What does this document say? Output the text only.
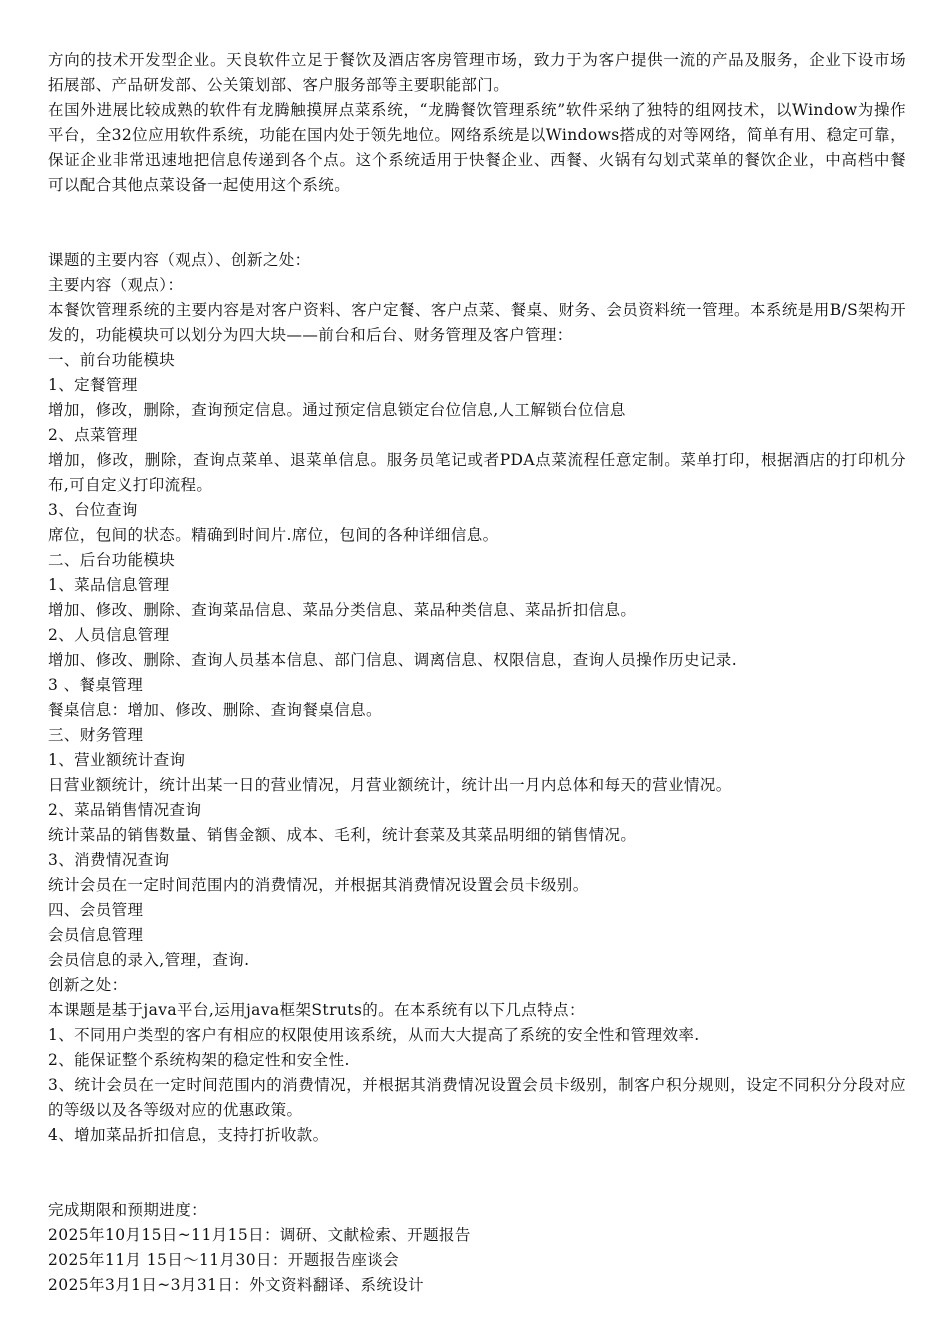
方向的技术开发型企业。天良软件立足于餐饮及酒店客房管理市场，致力于为客户提供一流的产品及服务，企业下设市场拓展部、产品研发部、公关策划部、客户服务部等主要职能部门。

在国外进展比较成熟的软件有龙腾触摸屏点菜系统，“龙腾餐饮管理系统”软件采纳了独特的组网技术，以Window为操作平台，全32位应用软件系统，功能在国内处于领先地位。网络系统是以Windows搭成的对等网络，简单有用、稳定可靠，保证企业非常迅速地把信息传递到各个点。这个系统适用于快餐企业、西餐、火锅有勾划式菜单的餐饮企业，中高档中餐可以配合其他点菜设备一起使用这个系统。

课题的主要内容（观点）、创新之处：

主要内容（观点）：

本餐饮管理系统的主要内容是对客户资料、客户定餐、客户点菜、餐桌、财务、会员资料统一管理。本系统是用B/S架构开发的，功能模块可以划分为四大块——前台和后台、财务管理及客户管理：

一、前台功能模块

1、定餐管理

增加，修改，删除，查询预定信息。通过预定信息锁定台位信息,人工解锁台位信息

2、点菜管理

增加，修改，删除，查询点菜单、退菜单信息。服务员笔记或者PDA点菜流程任意定制。菜单打印，根据酒店的打印机分布,可自定义打印流程。

3、台位查询

席位，包间的状态。精确到时间片.席位，包间的各种详细信息。

二、后台功能模块

1、菜品信息管理

增加、修改、删除、查询菜品信息、菜品分类信息、菜品种类信息、菜品折扣信息。

2、人员信息管理

增加、修改、删除、查询人员基本信息、部门信息、调离信息、权限信息，查询人员操作历史记录.

3 、餐桌管理

餐桌信息：增加、修改、删除、查询餐桌信息。

三、财务管理

1、营业额统计查询

日营业额统计，统计出某一日的营业情况，月营业额统计，统计出一月内总体和每天的营业情况。

2、菜品销售情况查询

统计菜品的销售数量、销售金额、成本、毛利，统计套菜及其菜品明细的销售情况。

3、消费情况查询

统计会员在一定时间范围内的消费情况，并根据其消费情况设置会员卡级别。

四、会员管理

会员信息管理

会员信息的录入,管理，查询.

创新之处：

本课题是基于java平台,运用java框架Struts的。在本系统有以下几点特点：

1、不同用户类型的客户有相应的权限使用该系统，从而大大提高了系统的安全性和管理效率.

2、能保证整个系统构架的稳定性和安全性.

3、统计会员在一定时间范围内的消费情况，并根据其消费情况设置会员卡级别，制客户积分规则，设定不同积分分段对应的等级以及各等级对应的优惠政策。

4、增加菜品折扣信息，支持打折收款。

完成期限和预期进度：

2025年10月15日~11月15日：调研、文献检索、开题报告

2025年11月 15日～11月30日：开题报告座谈会

2025年3月1日~3月31日：外文资料翻译、系统设计
